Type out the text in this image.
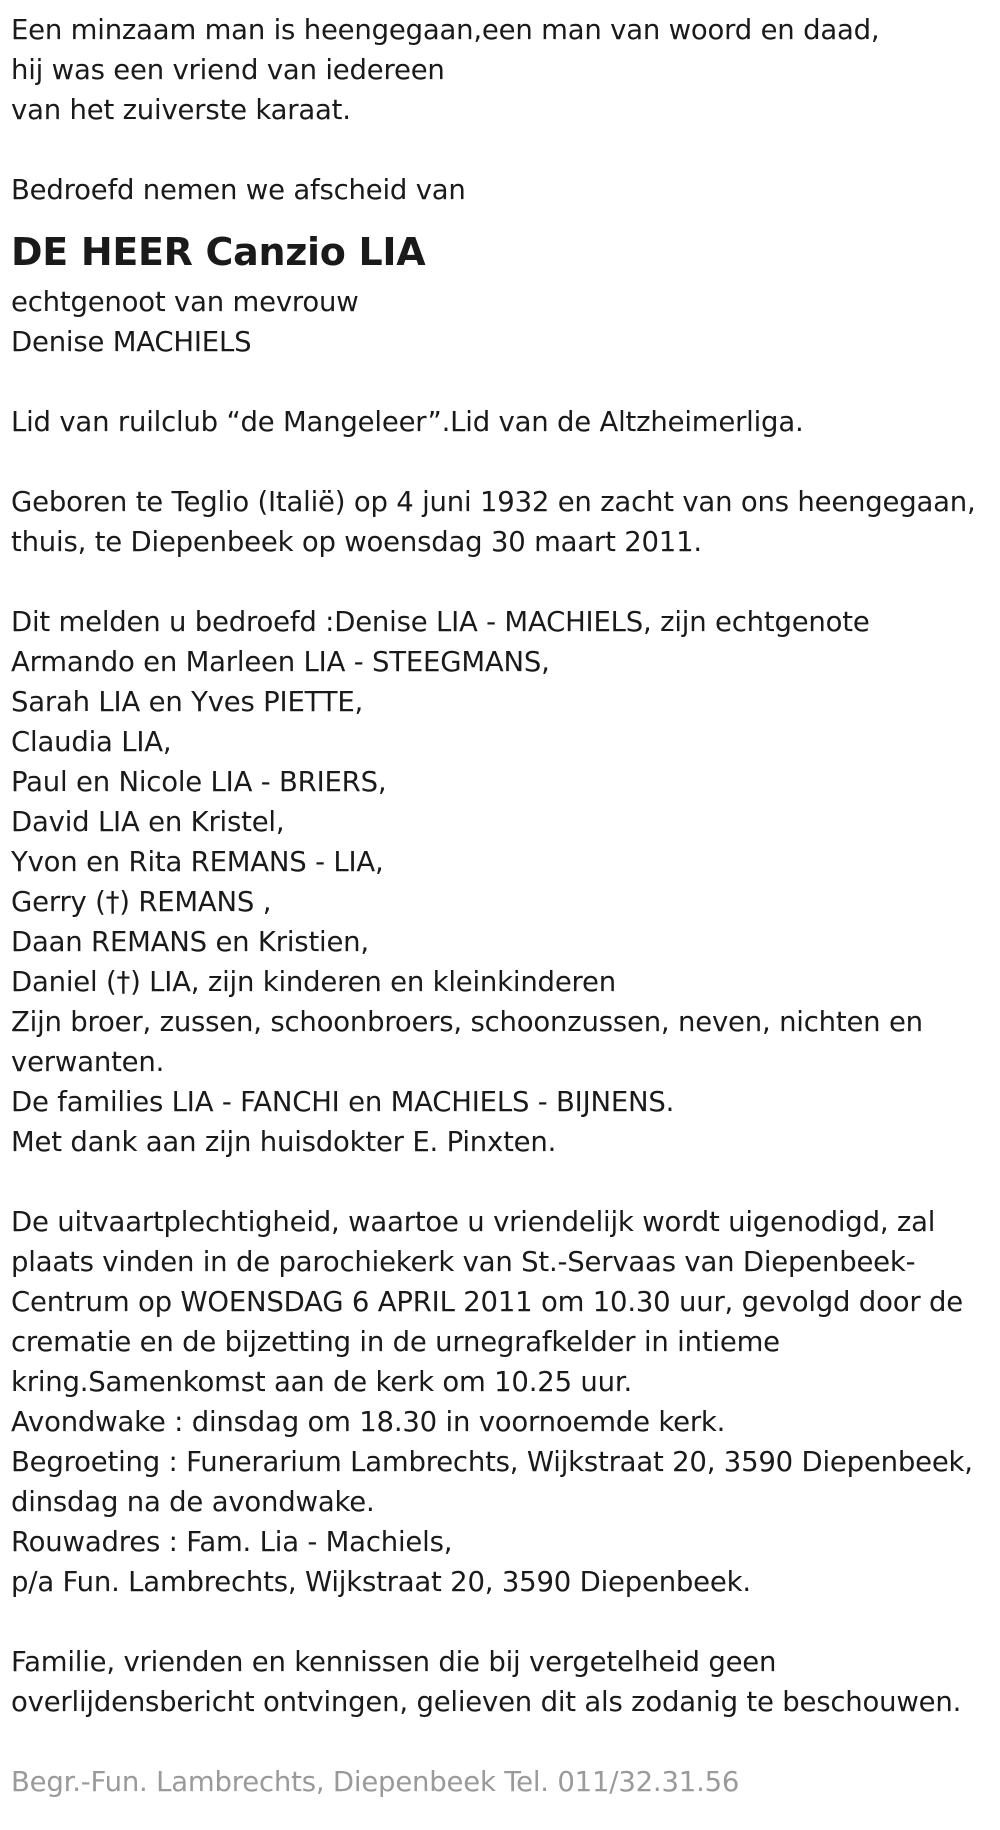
Een minzaam man is heengegaan,een man van woord en daad,
hij was een vriend van iedereen
van het zuiverste karaat.
Bedroefd nemen we afscheid van
DE HEER Canzio LIA
echtgenoot van mevrouw
Denise MACHIELS
Lid van ruilclub “de Mangeleer”.Lid van de Altzheimerliga.
Geboren te Teglio (Italië) op 4 juni 1932 en zacht van ons heengegaan,
thuis, te Diepenbeek op woensdag 30 maart 2011.
Dit melden u bedroefd :Denise LIA - MACHIELS, zijn echtgenote
Armando en Marleen LIA - STEEGMANS,
Sarah LIA en Yves PIETTE,
Claudia LIA,
Paul en Nicole LIA - BRIERS,
David LIA en Kristel,
Yvon en Rita REMANS - LIA,
Gerry (†) REMANS ,
Daan REMANS en Kristien,
Daniel (†) LIA, zijn kinderen en kleinkinderen
Zijn broer, zussen, schoonbroers, schoonzussen, neven, nichten en
verwanten.
De families LIA - FANCHI en MACHIELS - BIJNENS.
Met dank aan zijn huisdokter E. Pinxten.
De uitvaartplechtigheid, waartoe u vriendelijk wordt uigenodigd, zal
plaats vinden in de parochiekerk van St.-Servaas van Diepenbeek-
Centrum op WOENSDAG 6 APRIL 2011 om 10.30 uur, gevolgd door de
crematie en de bijzetting in de urnegrafkelder in intieme
kring.Samenkomst aan de kerk om 10.25 uur.
Avondwake : dinsdag om 18.30 in voornoemde kerk.
Begroeting : Funerarium Lambrechts, Wijkstraat 20, 3590 Diepenbeek,
dinsdag na de avondwake.
Rouwadres : Fam. Lia - Machiels,
p/a Fun. Lambrechts, Wijkstraat 20, 3590 Diepenbeek.
Familie, vrienden en kennissen die bij vergetelheid geen
overlijdensbericht ontvingen, gelieven dit als zodanig te beschouwen.
Begr.-Fun. Lambrechts, Diepenbeek Tel. 011/32.31.56
